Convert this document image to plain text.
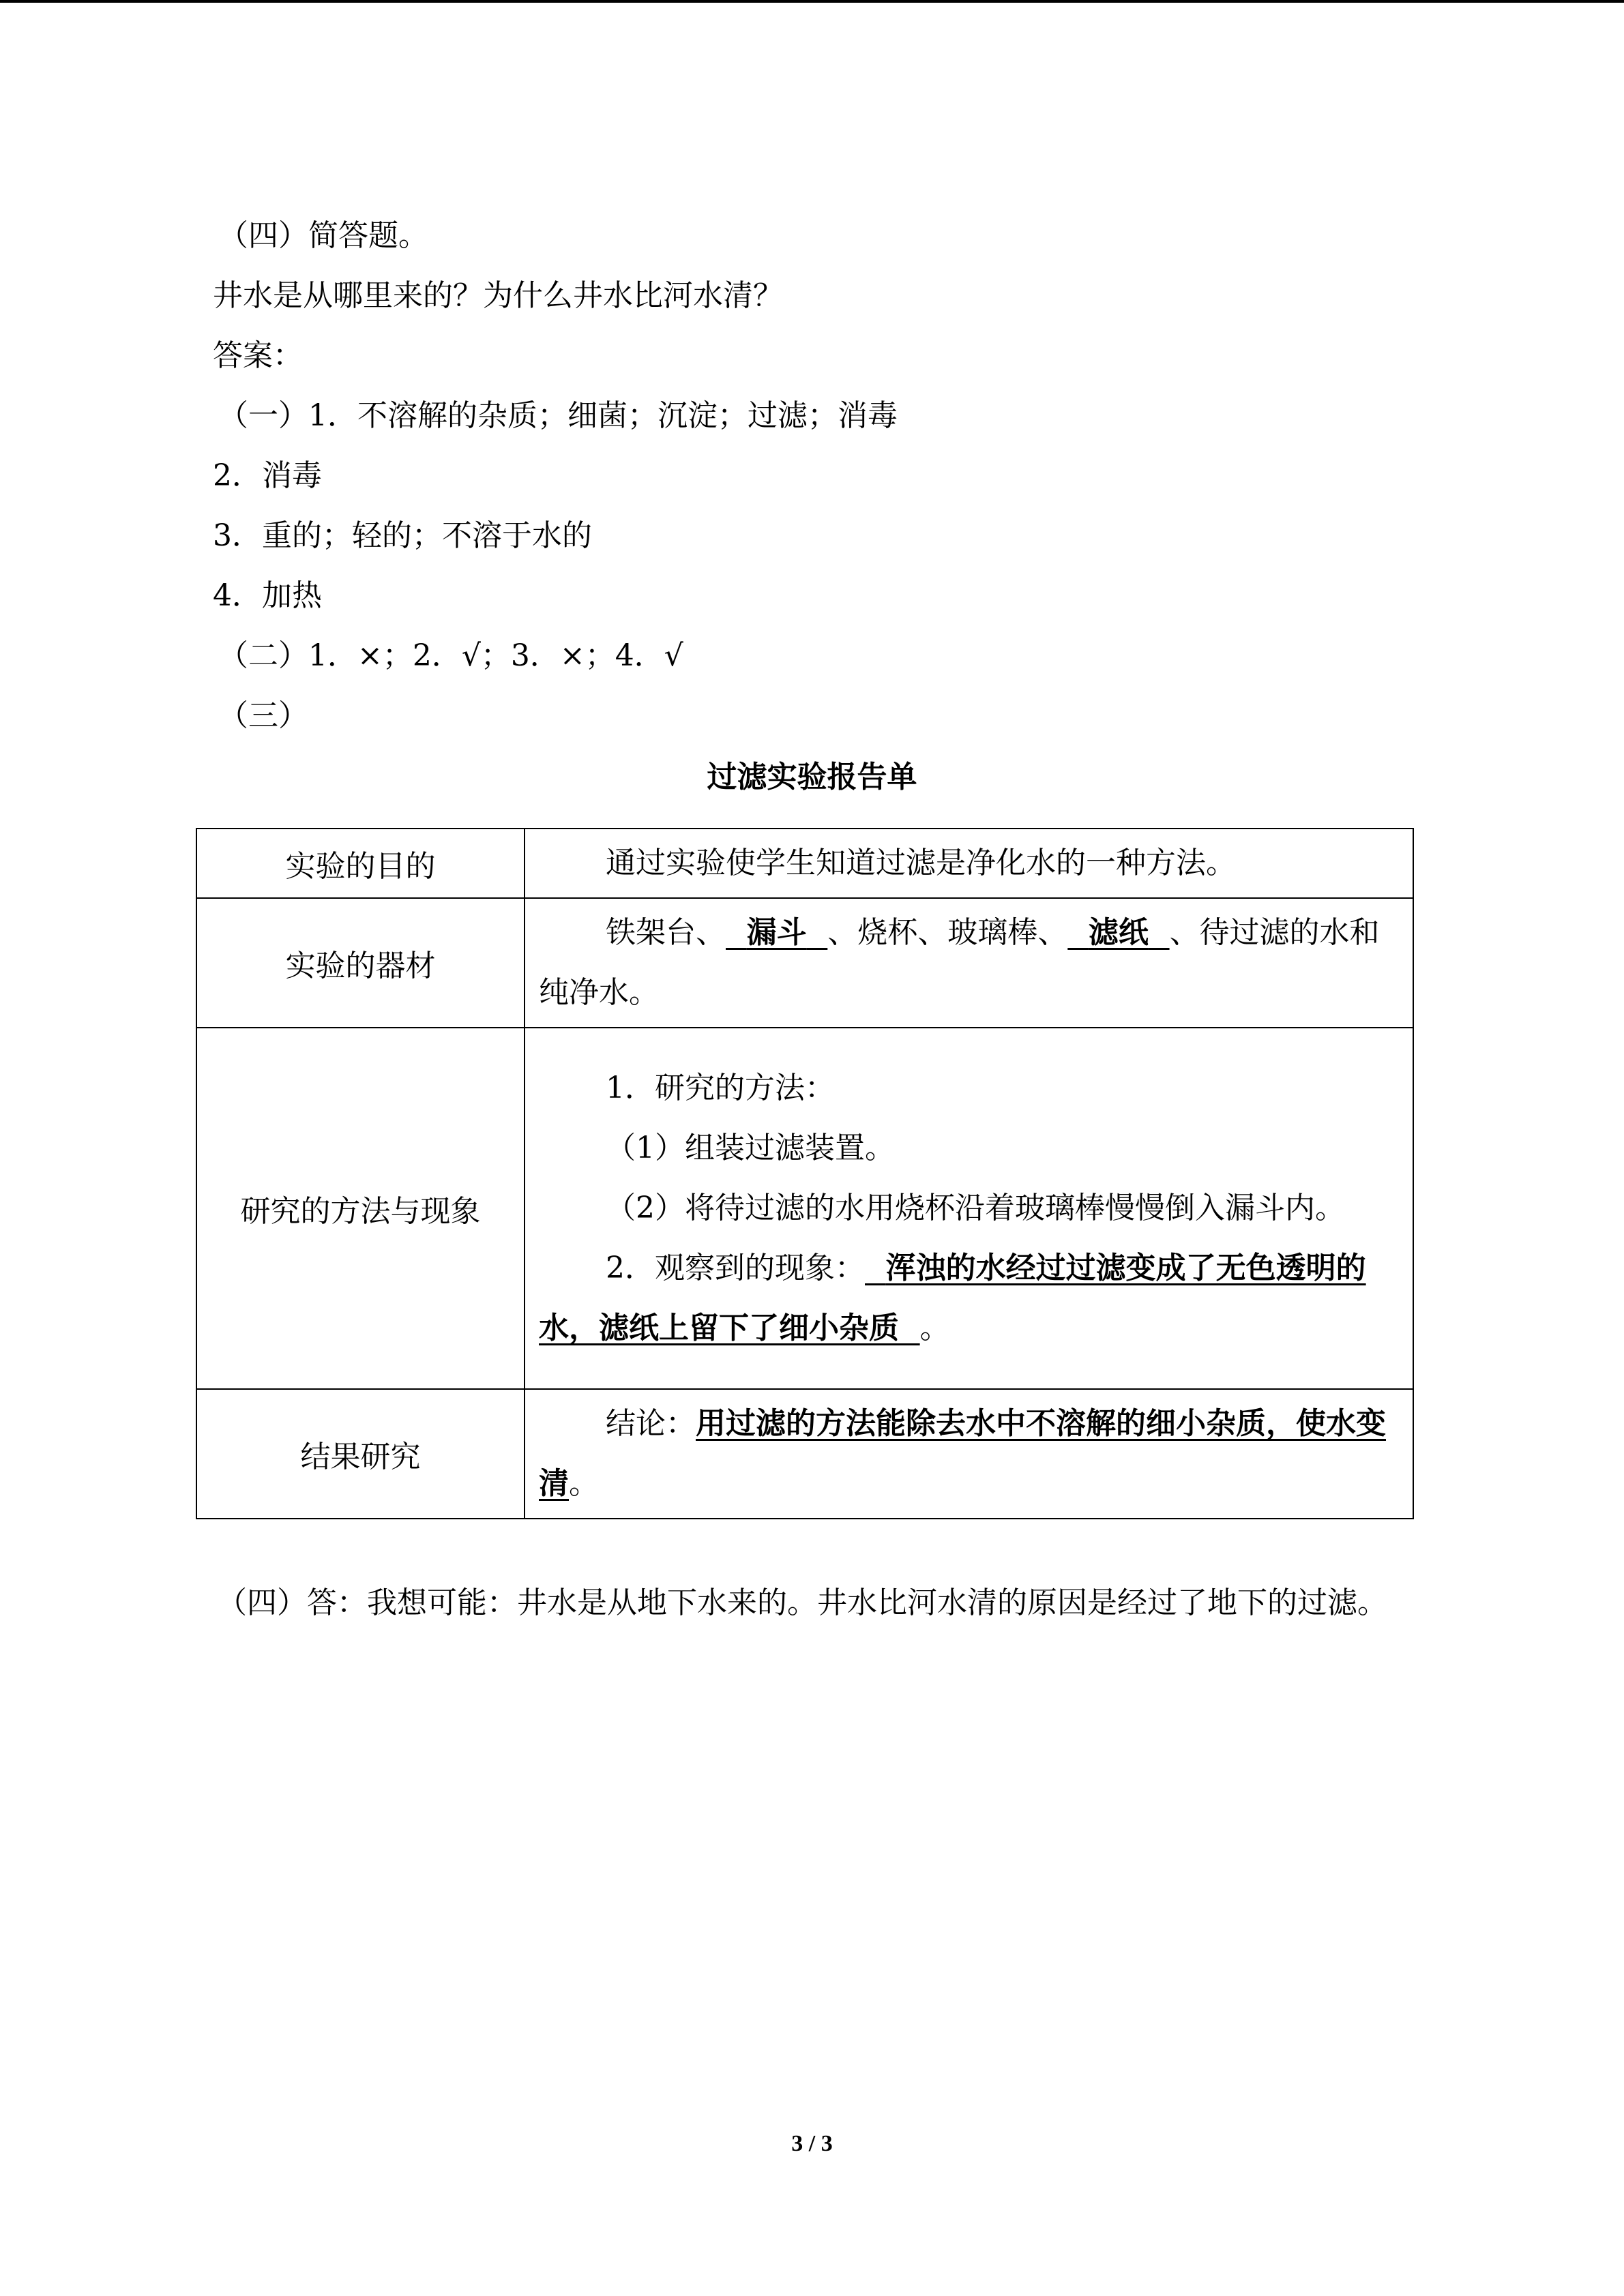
（四）简答题。
井水是从哪里来的？为什么井水比河水清？
答案：
（一）1．不溶解的杂质；细菌；沉淀；过滤；消毒
2．消毒
3．重的；轻的；不溶于水的
4．加热
（二）1．×；2．√；3．×；4．√
（三）
过滤实验报告单
实验的目的	通过实验使学生知道过滤是净化水的一种方法。

实验的器材	铁架台、 漏斗 、烧杯、玻璃棒、 滤纸 、待过滤的水和纯净水。

研究的方法与现象	1．研究的方法：
（1）组装过滤装置。
（2）将待过滤的水用烧杯沿着玻璃棒慢慢倒入漏斗内。
2．观察到的现象： 浑浊的水经过过滤变成了无色透明的水，滤纸上留下了细小杂质 。

结果研究	结论：用过滤的方法能除去水中不溶解的细小杂质，使水变清。
（四）答：我想可能：井水是从地下水来的。井水比河水清的原因是经过了地下的过滤。
3 / 3
